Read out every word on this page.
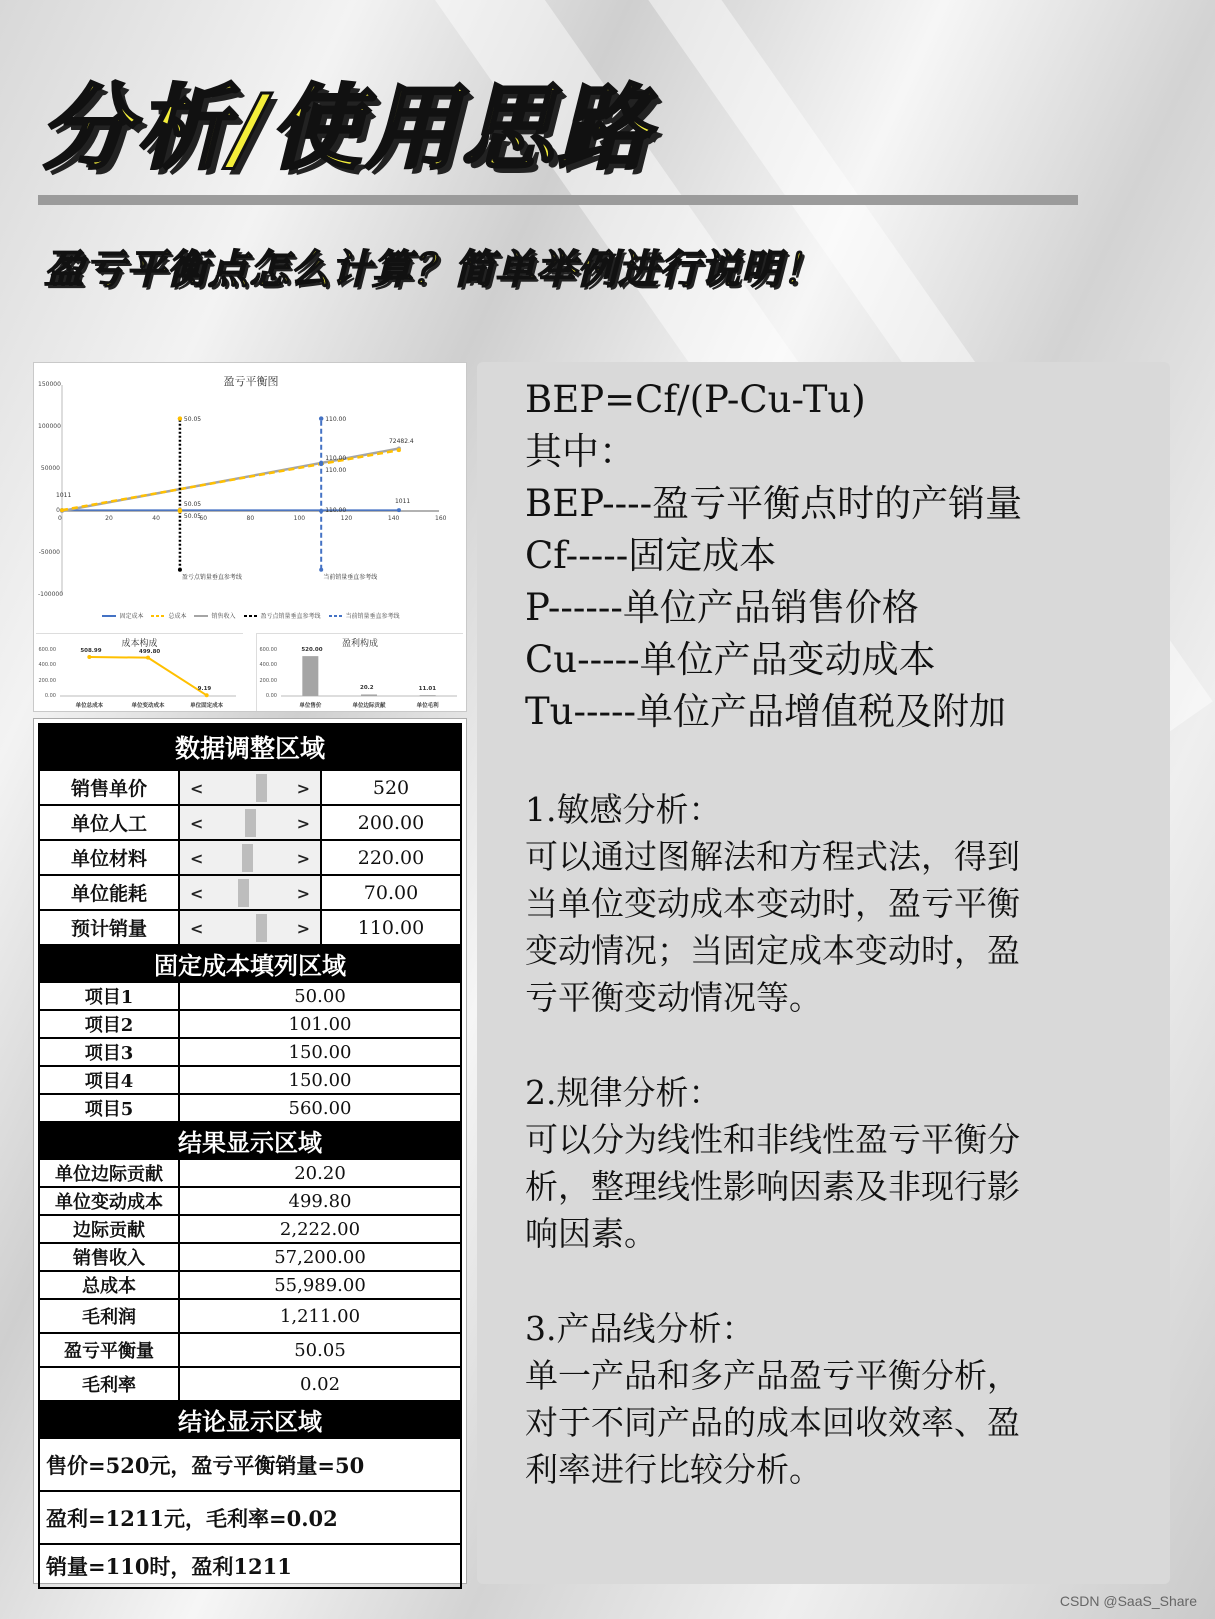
分析/使用思路
盈亏平衡点怎么计算？简单举例进行说明！
盈亏平衡图
150000
100000
50000
0
-50000
-100000
0	20	40	60	80	100	120	140	160
1011
1011
72482.4
50.05
50.05
50.05
110.00
110.00
110.00
110.00
盈亏点销量垂直参考线	当前销量垂直参考线
固定成本	总成本	销售收入	盈亏点销量垂直参考线	当前销量垂直参考线
成本构成
600.00
400.00
200.00
0.00
508.99	499.80
9.19
单位总成本	单位变动成本	单位固定成本
盈利构成
600.00
400.00
200.00
0.00
520.00
20.2	11.01
单位售价	单位边际贡献	单位毛利
数据调整区域		
销售单价	< >	520
单位人工	< >	200.00
单位材料	< >	220.00
单位能耗	< >	70.00
预计销量	< >	110.00
固定成本填列区域		
项目1	50.00	
项目2	101.00	
项目3	150.00	
项目4	150.00	
项目5	560.00	
结果显示区域		
单位边际贡献	20.20	
单位变动成本	499.80	
边际贡献	2,222.00	
销售收入	57,200.00	
总成本	55,989.00	
毛利润	1,211.00	
盈亏平衡量	50.05	
毛利率	0.02	
结论显示区域		
售价=520元，盈亏平衡销量=50		
盈利=1211元，毛利率=0.02		
销量=110时，盈利1211		

BEP=Cf/(P-Cu-Tu)

其中：

BEP----盈亏平衡点时的产销量

Cf-----固定成本

P------单位产品销售价格

Cu-----单位产品变动成本

Tu-----单位产品增值税及附加

1.敏感分析：

可以通过图解法和方程式法，得到
当单位变动成本变动时，盈亏平衡
变动情况；当固定成本变动时，盈
亏平衡变动情况等。

2.规律分析：

可以分为线性和非线性盈亏平衡分
析，整理线性影响因素及非现行影
响因素。

3.产品线分析：

单一产品和多产品盈亏平衡分析，
对于不同产品的成本回收效率、盈
利率进行比较分析。

CSDN @SaaS_Share
